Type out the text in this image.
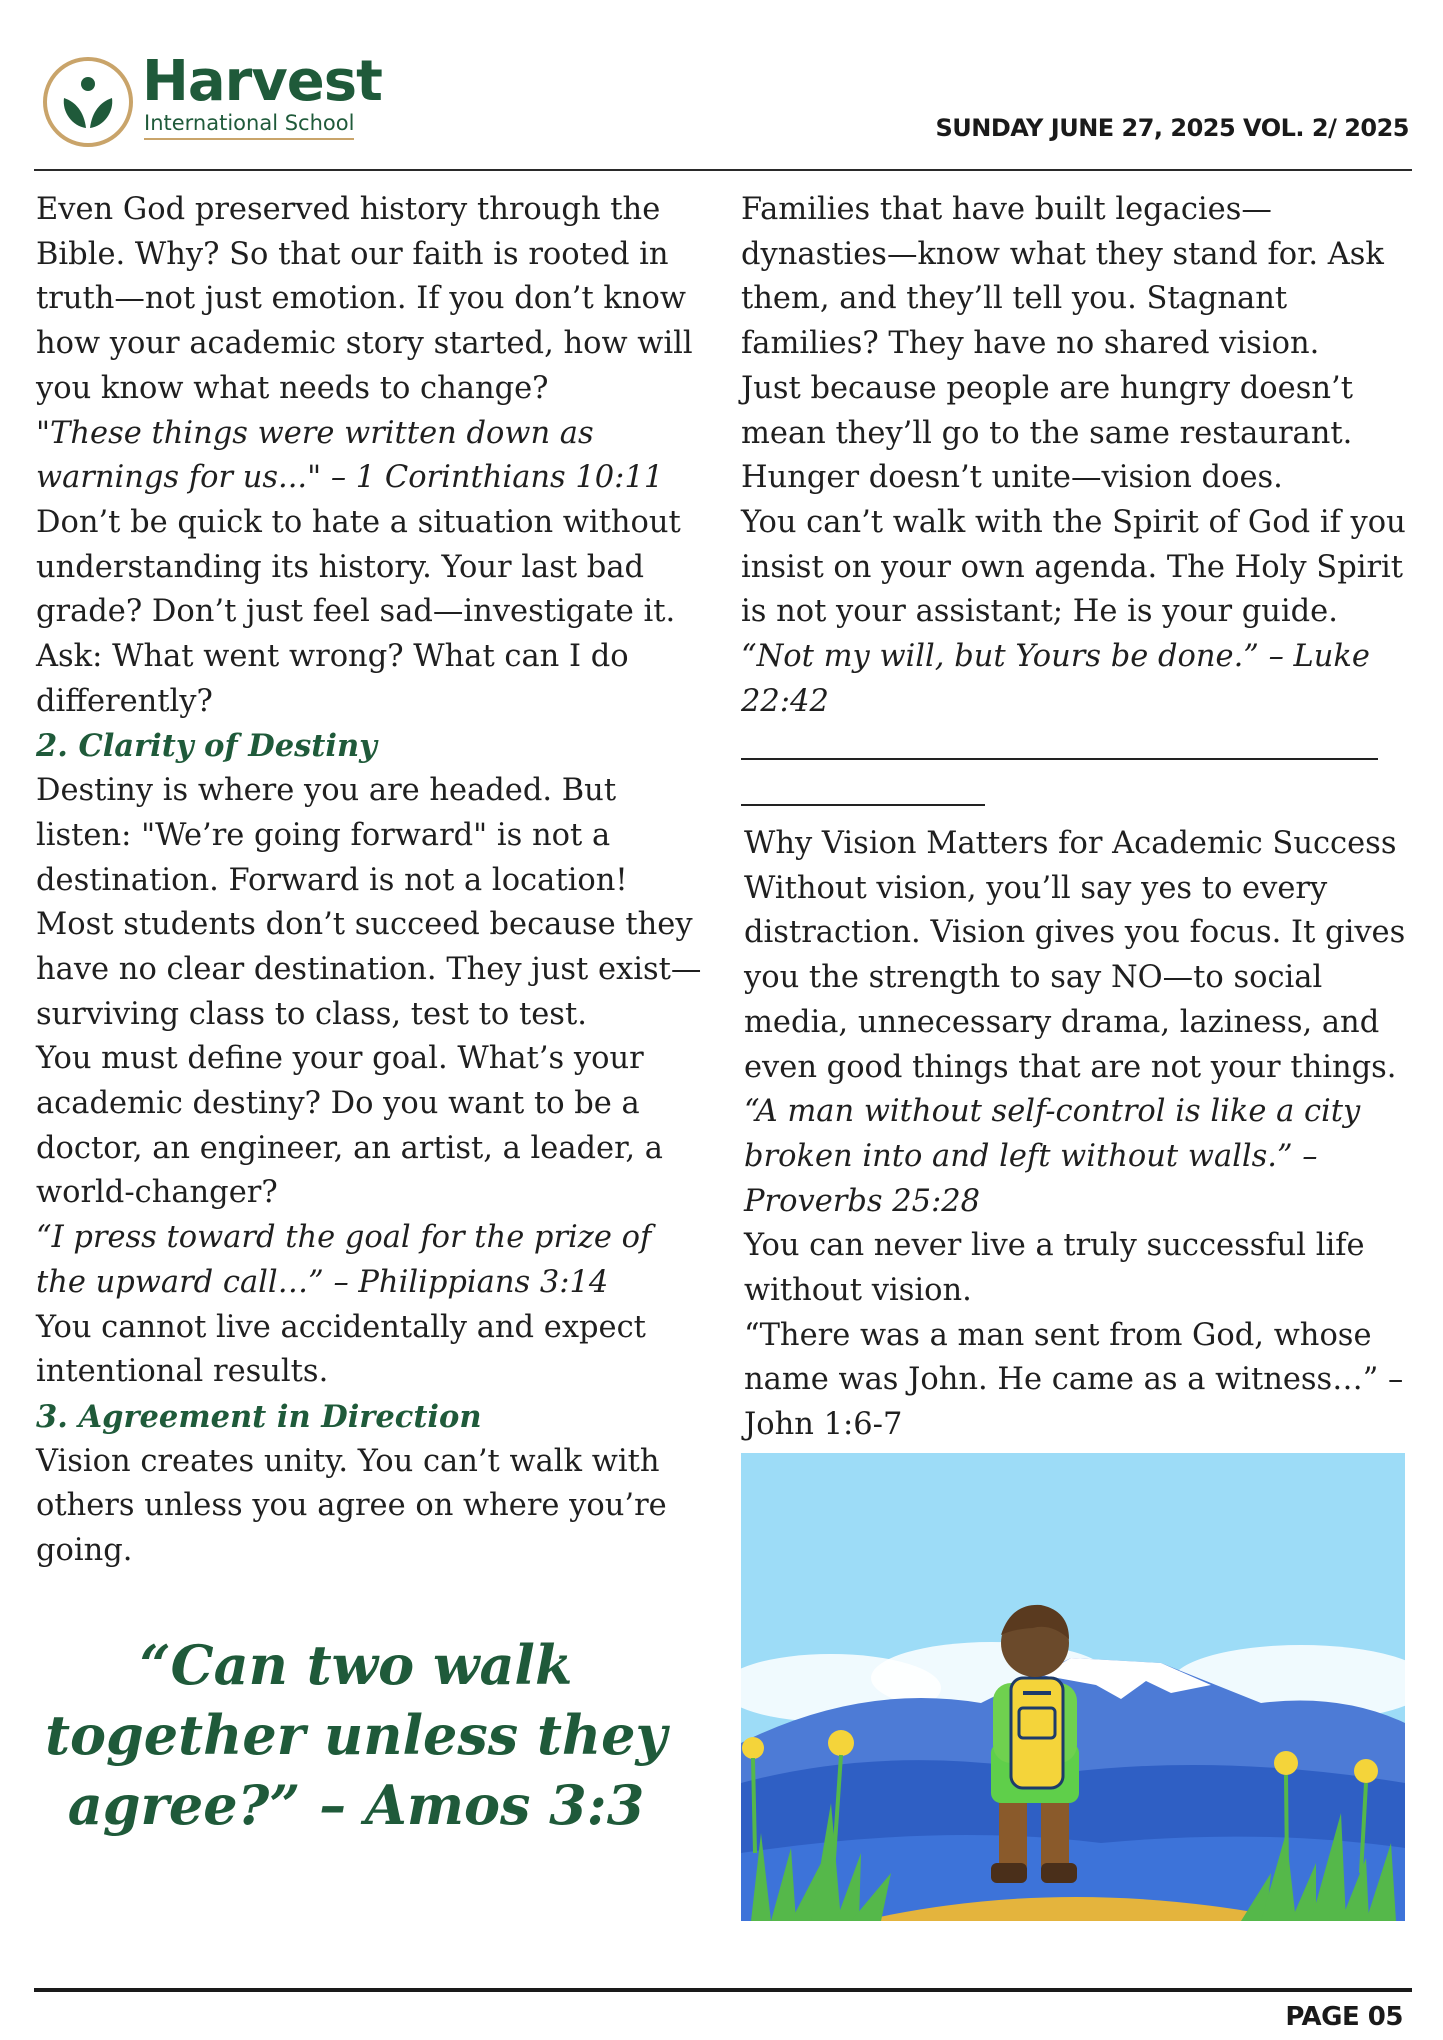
Harvest
International School	SUNDAY JUNE 27, 2025 VOL. 2/ 2025

Even God preserved history through the Bible. Why? So that our faith is rooted in truth—not just emotion. If you don’t know how your academic story started, how will you know what needs to change?

"These things were written down as warnings for us..." – 1 Corinthians 10:11

Don’t be quick to hate a situation without understanding its history. Your last bad grade? Don’t just feel sad—investigate it. Ask: What went wrong? What can I do differently?

2. Clarity of Destiny

Destiny is where you are headed. But listen: "We’re going forward" is not a destination. Forward is not a location!

Most students don’t succeed because they have no clear destination. They just exist—surviving class to class, test to test.

You must define your goal. What’s your academic destiny? Do you want to be a doctor, an engineer, an artist, a leader, a world-changer?

“I press toward the goal for the prize of the upward call…” – Philippians 3:14

You cannot live accidentally and expect intentional results.

3. Agreement in Direction

Vision creates unity. You can’t walk with others unless you agree on where you’re going.

“Can two walk together unless they agree?” – Amos 3:3

Families that have built legacies—dynasties—know what they stand for. Ask them, and they’ll tell you. Stagnant families? They have no shared vision.

Just because people are hungry doesn’t mean they’ll go to the same restaurant. Hunger doesn’t unite—vision does.

You can’t walk with the Spirit of God if you insist on your own agenda. The Holy Spirit is not your assistant; He is your guide.

“Not my will, but Yours be done.” – Luke 22:42

Why Vision Matters for Academic Success

Without vision, you’ll say yes to every distraction. Vision gives you focus. It gives you the strength to say NO—to social media, unnecessary drama, laziness, and even good things that are not your things.

“A man without self-control is like a city broken into and left without walls.” – Proverbs 25:28

You can never live a truly successful life without vision.

“There was a man sent from God, whose name was John. He came as a witness…” – John 1:6-7

PAGE 05
